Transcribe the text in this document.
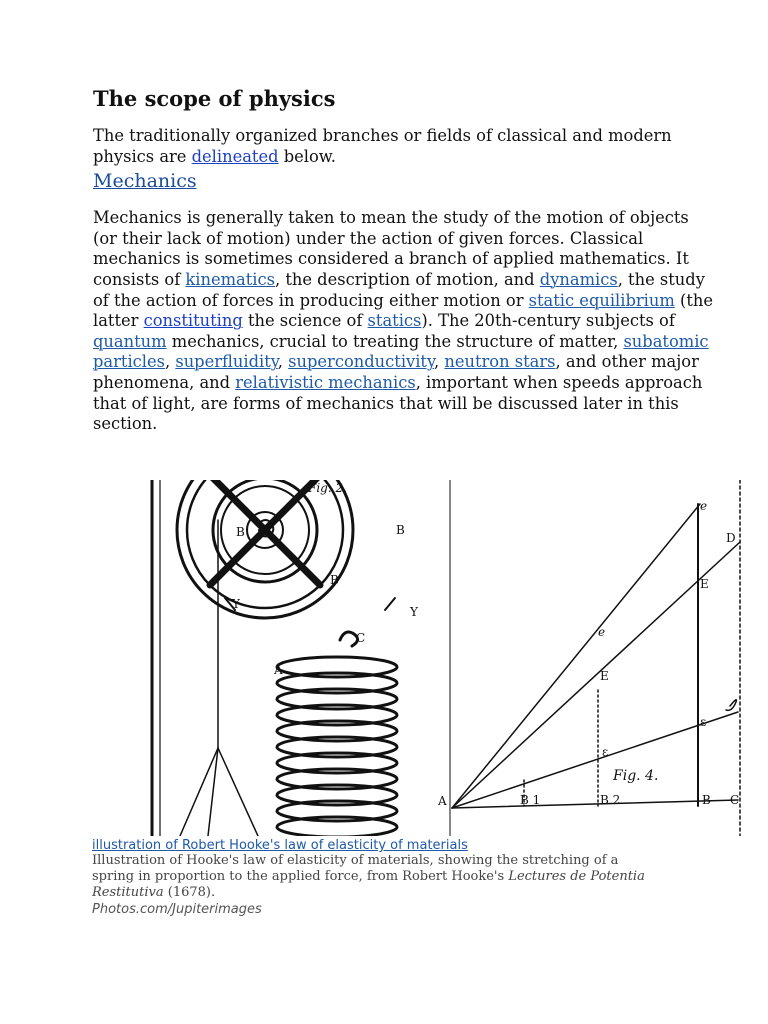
The scope of physics

The traditionally organized branches or fields of classical and modern physics are delineated below.

Mechanics

Mechanics is generally taken to mean the study of the motion of objects (or their lack of motion) under the action of given forces. Classical mechanics is sometimes considered a branch of applied mathematics. It consists of kinematics, the description of motion, and dynamics, the study of the action of forces in producing either motion or static equilibrium (the latter constituting the science of statics). The 20th-century subjects of quantum mechanics, crucial to treating the structure of matter, subatomic particles, superfluidity, superconductivity, neutron stars, and other major phenomena, and relativistic mechanics, important when speeds approach that of light, are forms of mechanics that will be discussed later in this section.

Fig. 2.
B	B
B
Y
Y
A
C
e
D
E
e
E
ε
ε
Fig. 4.
A	B 1	B 2	B C
illustration of Robert Hooke's law of elasticity of materials
Illustration of Hooke's law of elasticity of materials, showing the stretching of a spring in proportion to the applied force, from Robert Hooke's Lectures de Potentia Restitutiva (1678).
Photos.com/Jupiterimages
